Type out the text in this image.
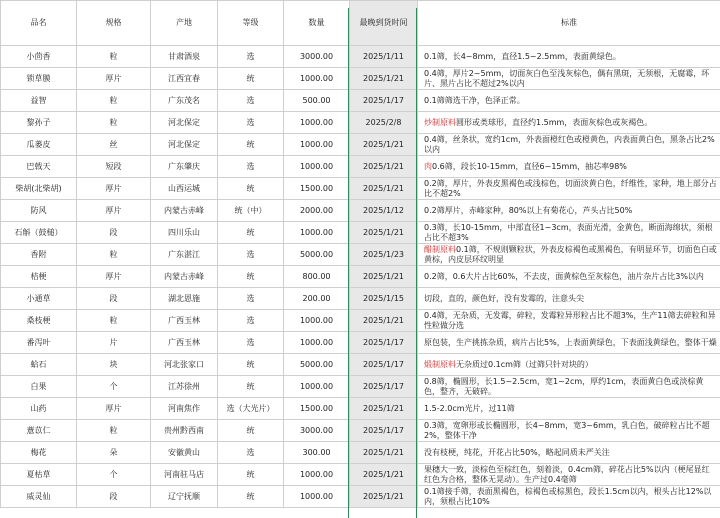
品名	规格	产地	等级	数量	最晚到货时间	标准
小茴香	粒	甘肃酒泉	选	3000.00	2025/1/11	0.1筛，长4~8mm，直径1.5~2.5mm，表面黄绿色。
锁草膜	厚片	江西宜春	统	1000.00	2025/1/21	0.4筛，厚片2~5mm，切面灰白色至浅灰棕色，偶有黑斑，无须根，无腐霉，坏片、黑片占比不超过2%以内
益智	粒	广东茂名	选	500.00	2025/1/17	0.1筛筛选干净，色泽正常。
黎孙子	粒	河北保定	选	1000.00	2025/2/8	炒制原料圆形或类球形，直径约1.5mm，表面灰棕色或灰褐色。
瓜蒌皮	丝	河北保定	统	1000.00	2025/1/21	0.4筛，丝条状，宽约1cm，外表面橙红色或橙黄色，内表面黄白色，黑条占比2%以内
巴戟天	短段	广东肇庆	选	1000.00	2025/1/21	肉0.6筛，段长10-15mm，直径6~15mm，抽芯率98%
柴胡(北柴胡)	厚片	山西运城	统	1500.00	2025/1/21	0.2筛，厚片，外表皮黑褐色或浅棕色，切面淡黄白色，纤维性，家种，地上部分占比不超2%
防风	厚片	内蒙古赤峰	统（中）	2000.00	2025/1/12	0.2筛厚片，赤峰家种，80%以上有菊花心，芦头占比50%
石斛（鼓槌）	段	四川乐山	统	1000.00	2025/1/21	0.3筛，长10-15mm，中部直径1~3cm，表面光滑，金黄色，断面海绵状，须根占比不超3%
香附	粒	广东湛江	选	5000.00	2025/1/23	醋制原料0.1筛，不规则颗粒状，外表皮棕褐色或黑褐色，有明显环节，切面色白或黄棕，内皮层环纹明显
桔梗	厚片	内蒙古赤峰	统	800.00	2025/1/21	0.2筛，0.6大片占比60%，不去皮，面黄棕色至灰棕色，油片杂片占比3%以内
小通草	段	湖北恩施	选	200.00	2025/1/15	切段，直的，颜色好，没有发霉的，注意头尖
桑枝梗	粒	广西玉林	选	1000.00	2025/1/21	0.4筛，无杂质，无发霉，碎粒，发霉粒异形粒占比不超3%，生产11筛去碎粒和异性粒做分选
番泻叶	片	广西玉林	选	1000.00	2025/1/17	原包装，生产挑拣杂质，病片占比5%，上表面黄绿色，下表面浅黄绿色，整体干燥
蛤石	块	河北张家口	统	5000.00	2025/1/17	煅制原料无杂质过0.1cm筛（过筛只针对块的）
白果	个	江苏徐州	统	1000.00	2025/1/17	0.8筛，椭圆形，长1.5~2.5cm，宽1~2cm，厚约1cm，表面黄白色或淡棕黄色，整齐，无破碎。
山药	厚片	河南焦作	选（大光片）	1500.00	2025/1/21	1.5-2.0cm光片，过11筛
薏苡仁	粒	贵州黔西南	统	3000.00	2025/1/17	0.3筛，宽卵形或长椭圆形，长4~8mm，宽3~6mm，乳白色，破碎粒占比不超2%，整体干净
梅花	朵	安徽黄山	选	300.00	2025/1/21	没有枝梗，纯花，开花占比50%，略起同质未严关注
夏枯草	个	河南驻马店	统	1000.00	2025/1/21	果穗大一致，淡棕色至棕红色，刻着淡，0.4cm筛，碎花占比5%以内（梗尾显红红色为合格，整体无晃动）。生产过0.4毫筛
威灵仙	段	辽宁抚顺	统	1000.00	2025/1/21	0.1筛接手筛，表面黑褐色，棕褐色或棕黑色，段长1.5cm以内，根头占比12%以内，须根占比10%
